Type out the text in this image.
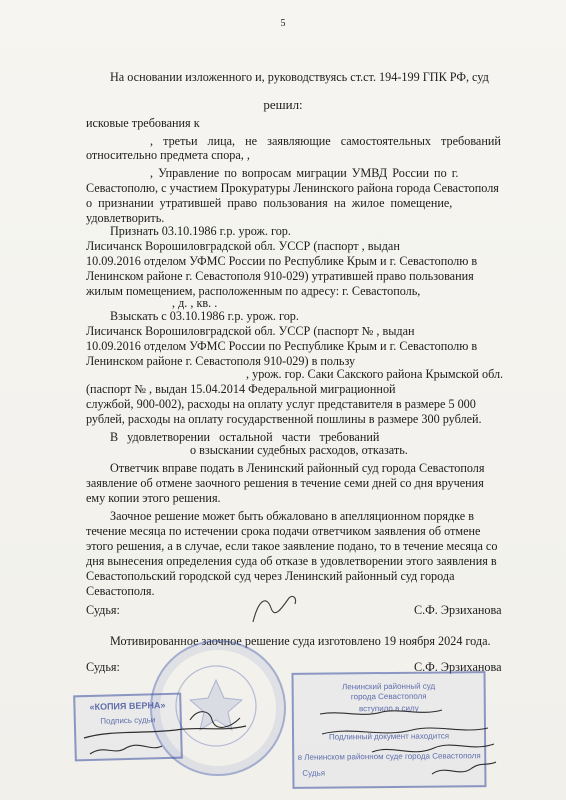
5
На основании изложенного и, руководствуясь ст.ст. 194-199 ГПК РФ, суд
решил:
исковые требования к
, третьи лица, не заявляющие самостоятельных требований
относительно предмета спора, ,
, Управление по вопросам миграции УМВД России по г.
Севастополю, с участием Прокуратуры Ленинского района города Севастополя
о признании утратившей право пользования на жилое помещение,
удовлетворить.
Признать 03.10.1986 г.р. урож. гор.
Лисичанск Ворошиловградской обл. УССР (паспорт , выдан
10.09.2016 отделом УФМС России по Республике Крым и г. Севастополю в
Ленинском районе г. Севастополя 910-029) утратившей право пользования
жилым помещением, расположенным по адресу: г. Севастополь,
, д. , кв. .
Взыскать с 03.10.1986 г.р. урож. гор.
Лисичанск Ворошиловградской обл. УССР (паспорт № , выдан
10.09.2016 отделом УФМС России по Республике Крым и г. Севастополю в
Ленинском районе г. Севастополя 910-029) в пользу
, урож. гор. Саки Сакского района Крымской обл.
(паспорт № , выдан 15.04.2014 Федеральной миграционной
службой, 900-002), расходы на оплату услуг представителя в размере 5 000
рублей, расходы на оплату государственной пошлины в размере 300 рублей.
В удовлетворении остальной части требований
о взыскании судебных расходов, отказать.
Ответчик вправе подать в Ленинский районный суд города Севастополя
заявление об отмене заочного решения в течение семи дней со дня вручения
ему копии этого решения.
Заочное решение может быть обжаловано в апелляционном порядке в
течение месяца по истечении срока подачи ответчиком заявления об отмене
этого решения, а в случае, если такое заявление подано, то в течение месяца со
дня вынесения определения суда об отказе в удовлетворении этого заявления в
Севастопольский городской суд через Ленинский районный суд города
Севастополя.
Судья:	С.Ф. Эрзиханова
Мотивированное заочное решение суда изготовлено 19 ноября 2024 года.
Судья:	С.Ф. Эрзиханова
«КОПИЯ ВЕРНА»
Подпись судьи
Ленинский районный суд
города Севастополя
вступило в силу
Подлинный документ находится
в Ленинском районном суде города Севастополя
Судья
